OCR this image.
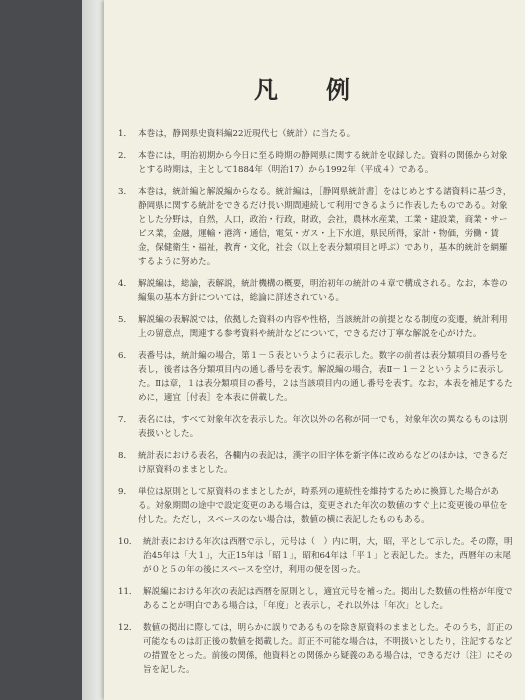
凡　例
1． 本巻は，静岡県史資料編22近現代七（統計）に当たる。
2． 本巻には，明治初期から今日に至る時期の静岡県に関する統計を収録した。資料の関係から対象とする時期は，主として1884年（明治17）から1992年（平成４）である。
3． 本巻は，統計編と解説編からなる。統計編は，［静岡県統計書］をはじめとする諸資料に基づき，静岡県に関する統計をできるだけ長い期間連続して利用できるように作表したものである。対象とした分野は，自然，人口，政治・行政，財政，会社，農林水産業，工業・建設業，商業・サービス業，金融，運輸・港湾・通信，電気・ガス・上下水道，県民所得，家計・物価，労働・賃金，保健衛生・福祉，教育・文化，社会（以上を表分類項目と呼ぶ）であり，基本的統計を網羅するように努めた。
4． 解説編は，総論，表解説，統計機構の概要，明治初年の統計の４章で構成される。なお，本巻の編集の基本方針については，総論に詳述されている。
5． 解説編の表解説では，依拠した資料の内容や性格，当該統計の前提となる制度の変遷，統計利用上の留意点，関連する参考資料や統計などについて，できるだけ丁寧な解説を心がけた。
6． 表番号は，統計編の場合，第１－５表というように表示した。数字の前者は表分類項目の番号を表し，後者は各分類項目内の通し番号を表す。解説編の場合，表Ⅱ－１－２というように表示した。Ⅱは章，１は表分類項目の番号，２は当該項目内の通し番号を表す。なお，本表を補足するために，適宜［付表］を本表に併載した。
7． 表名には，すべて対象年次を表示した。年次以外の名称が同一でも，対象年次の異なるものは別表扱いとした。
8． 統計表における表名，各欄内の表記は，漢字の旧字体を新字体に改めるなどのほかは，できるだけ原資料のままとした。
9． 単位は原則として原資料のままとしたが，時系列の連続性を維持するために換算した場合がある。対象期間の途中で設定変更のある場合は，変更された年次の数値のすぐ上に変更後の単位を付した。ただし，スペースのない場合は，数値の横に表記したものもある。
10． 統計表における年次は西暦で示し，元号は（　）内に明，大，昭，平として示した。その際，明治45年は「大１」，大正15年は「昭１」，昭和64年は「平１」と表記した。また，西暦年の末尾が０と５の年の後にスペースを空け，利用の便を図った。
11． 解説編における年次の表記は西暦を原則とし，適宜元号を補った。掲出した数値の性格が年度であることが明白である場合は，「年度」と表示し，それ以外は「年次」とした。
12． 数値の掲出に際しては，明らかに誤りであるものを除き原資料のままとした。そのうち，訂正の可能なものは訂正後の数値を掲載した。訂正不可能な場合は，不明扱いとしたり，注記するなどの措置をとった。前後の関係，他資料との関係から疑義のある場合は，できるだけ〔注〕にその旨を記した。
